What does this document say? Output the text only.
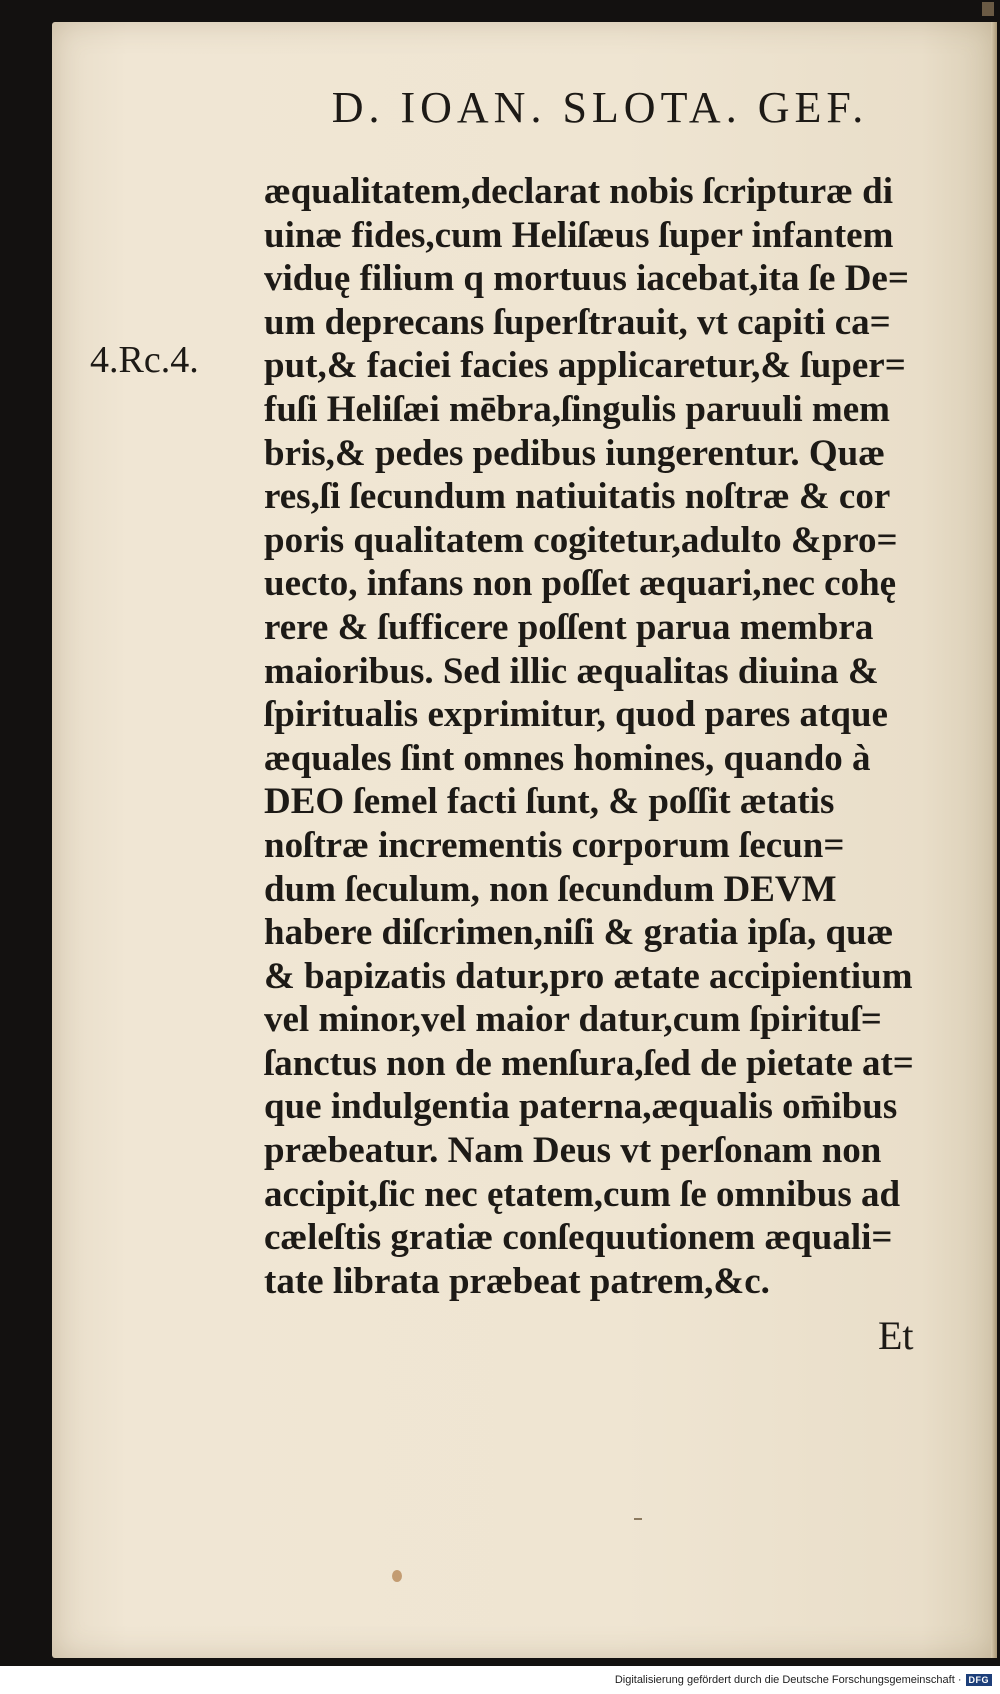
D. IOAN. SLOTA. GEF.
4.Rc.4.
æqualitatem,declarat nobis ſcripturæ di
uinæ fides,cum Heliſæus ſuper infantem
viduę filium q mortuus iacebat,ita ſe De=
um deprecans ſuperſtrauit, vt capiti ca=
put,& faciei facies applicaretur,& ſuper=
fuſi Heliſæi mēbra,ſingulis paruuli mem
bris,& pedes pedibus iungerentur. Quæ
res,ſi ſecundum natiuitatis noſtræ & cor
poris qualitatem cogitetur,adulto &pro=
uecto, infans non poſſet æquari,nec cohę
rere & ſufficere poſſent parua membra
maioribus. Sed illic æqualitas diuina &
ſpiritualis exprimitur, quod pares atque
æquales ſint omnes homines, quando à
DEO ſemel facti ſunt, & poſſit ætatis
noſtræ incrementis corporum ſecun=
dum ſeculum, non ſecundum DEVM
habere diſcrimen,niſi & gratia ipſa, quæ
& bapizatis datur,pro ætate accipientium
vel minor,vel maior datur,cum ſpirituſ=
ſanctus non de menſura,ſed de pietate at=
que indulgentia paterna,æqualis om̄ibus
præbeatur. Nam Deus vt perſonam non
accipit,ſic nec ętatem,cum ſe omnibus ad
cæleſtis gratiæ conſequutionem æquali=
tate librata præbeat patrem,&c.
Et
Digitalisierung gefördert durch die Deutsche Forschungsgemeinschaft · DFG
